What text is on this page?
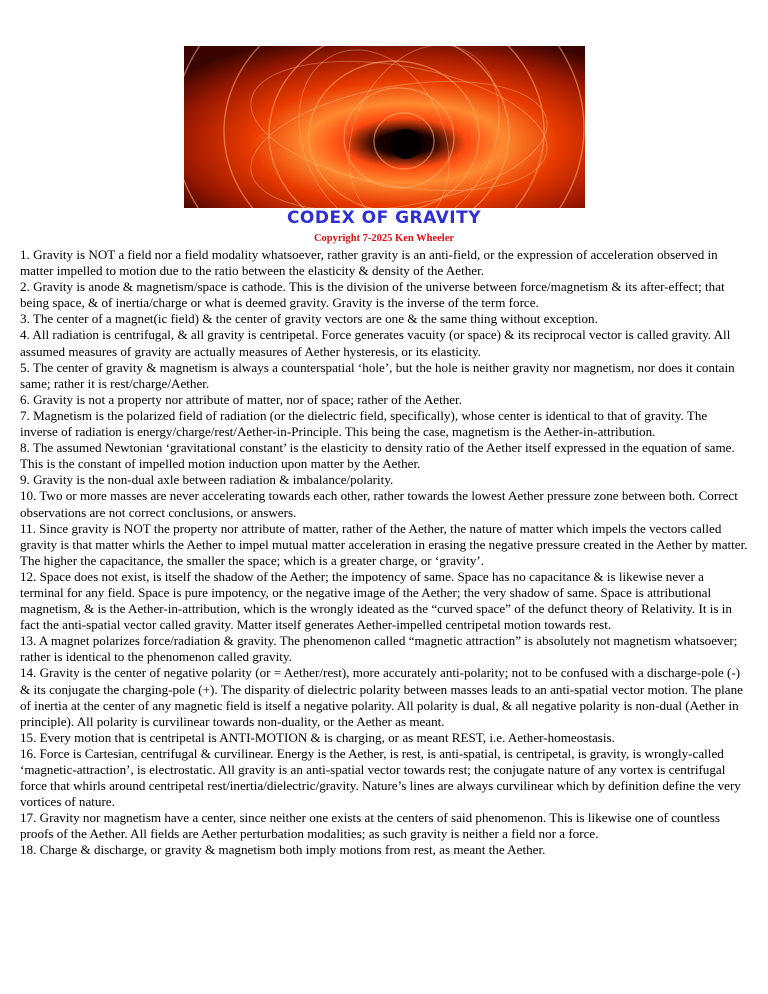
CODEX OF GRAVITY
Copyright 7-2025 Ken Wheeler

1. Gravity is NOT a field nor a field modality whatsoever, rather gravity is an anti-field, or the expression of acceleration observed in matter impelled to motion due to the ratio between the elasticity & density of the Aether.

2. Gravity is anode & magnetism/space is cathode. This is the division of the universe between force/magnetism & its after-effect; that being space, & of inertia/charge or what is deemed gravity. Gravity is the inverse of the term force.

3. The center of a magnet(ic field) & the center of gravity vectors are one & the same thing without exception.

4. All radiation is centrifugal, & all gravity is centripetal. Force generates vacuity (or space) & its reciprocal vector is called gravity. All assumed measures of gravity are actually measures of Aether hysteresis, or its elasticity.

5. The center of gravity & magnetism is always a counterspatial ‘hole’, but the hole is neither gravity nor magnetism, nor does it contain same; rather it is rest/charge/Aether.

6. Gravity is not a property nor attribute of matter, nor of space; rather of the Aether.

7. Magnetism is the polarized field of radiation (or the dielectric field, specifically), whose center is identical to that of gravity. The inverse of radiation is energy/charge/rest/Aether-in-Principle. This being the case, magnetism is the Aether-in-attribution.

8. The assumed Newtonian ‘gravitational constant’ is the elasticity to density ratio of the Aether itself expressed in the equation of same. This is the constant of impelled motion induction upon matter by the Aether.

9. Gravity is the non-dual axle between radiation & imbalance/polarity.

10. Two or more masses are never accelerating towards each other, rather towards the lowest Aether pressure zone between both. Correct observations are not correct conclusions, or answers.

11. Since gravity is NOT the property nor attribute of matter, rather of the Aether, the nature of matter which impels the vectors called gravity is that matter whirls the Aether to impel mutual matter acceleration in erasing the negative pressure created in the Aether by matter. The higher the capacitance, the smaller the space; which is a greater charge, or ‘gravity’.

12. Space does not exist, is itself the shadow of the Aether; the impotency of same. Space has no capacitance & is likewise never a terminal for any field. Space is pure impotency, or the negative image of the Aether; the very shadow of same. Space is attributional magnetism, & is the Aether-in-attribution, which is the wrongly ideated as the “curved space” of the defunct theory of Relativity. It is in fact the anti-spatial vector called gravity. Matter itself generates Aether-impelled centripetal motion towards rest.

13. A magnet polarizes force/radiation & gravity. The phenomenon called “magnetic attraction” is absolutely not magnetism whatsoever; rather is identical to the phenomenon called gravity.

14. Gravity is the center of negative polarity (or = Aether/rest), more accurately anti-polarity; not to be confused with a discharge-pole (-) & its conjugate the charging-pole (+). The disparity of dielectric polarity between masses leads to an anti-spatial vector motion. The plane of inertia at the center of any magnetic field is itself a negative polarity. All polarity is dual, & all negative polarity is non-dual (Aether in principle). All polarity is curvilinear towards non-duality, or the Aether as meant.

15. Every motion that is centripetal is ANTI-MOTION & is charging, or as meant REST, i.e. Aether-homeostasis.

16. Force is Cartesian, centrifugal & curvilinear. Energy is the Aether, is rest, is anti-spatial, is centripetal, is gravity, is wrongly-called ‘magnetic-attraction’, is electrostatic. All gravity is an anti-spatial vector towards rest; the conjugate nature of any vortex is centrifugal force that whirls around centripetal rest/inertia/dielectric/gravity. Nature’s lines are always curvilinear which by definition define the very vortices of nature.

17. Gravity nor magnetism have a center, since neither one exists at the centers of said phenomenon. This is likewise one of countless proofs of the Aether. All fields are Aether perturbation modalities; as such gravity is neither a field nor a force.

18. Charge & discharge, or gravity & magnetism both imply motions from rest, as meant the Aether.
